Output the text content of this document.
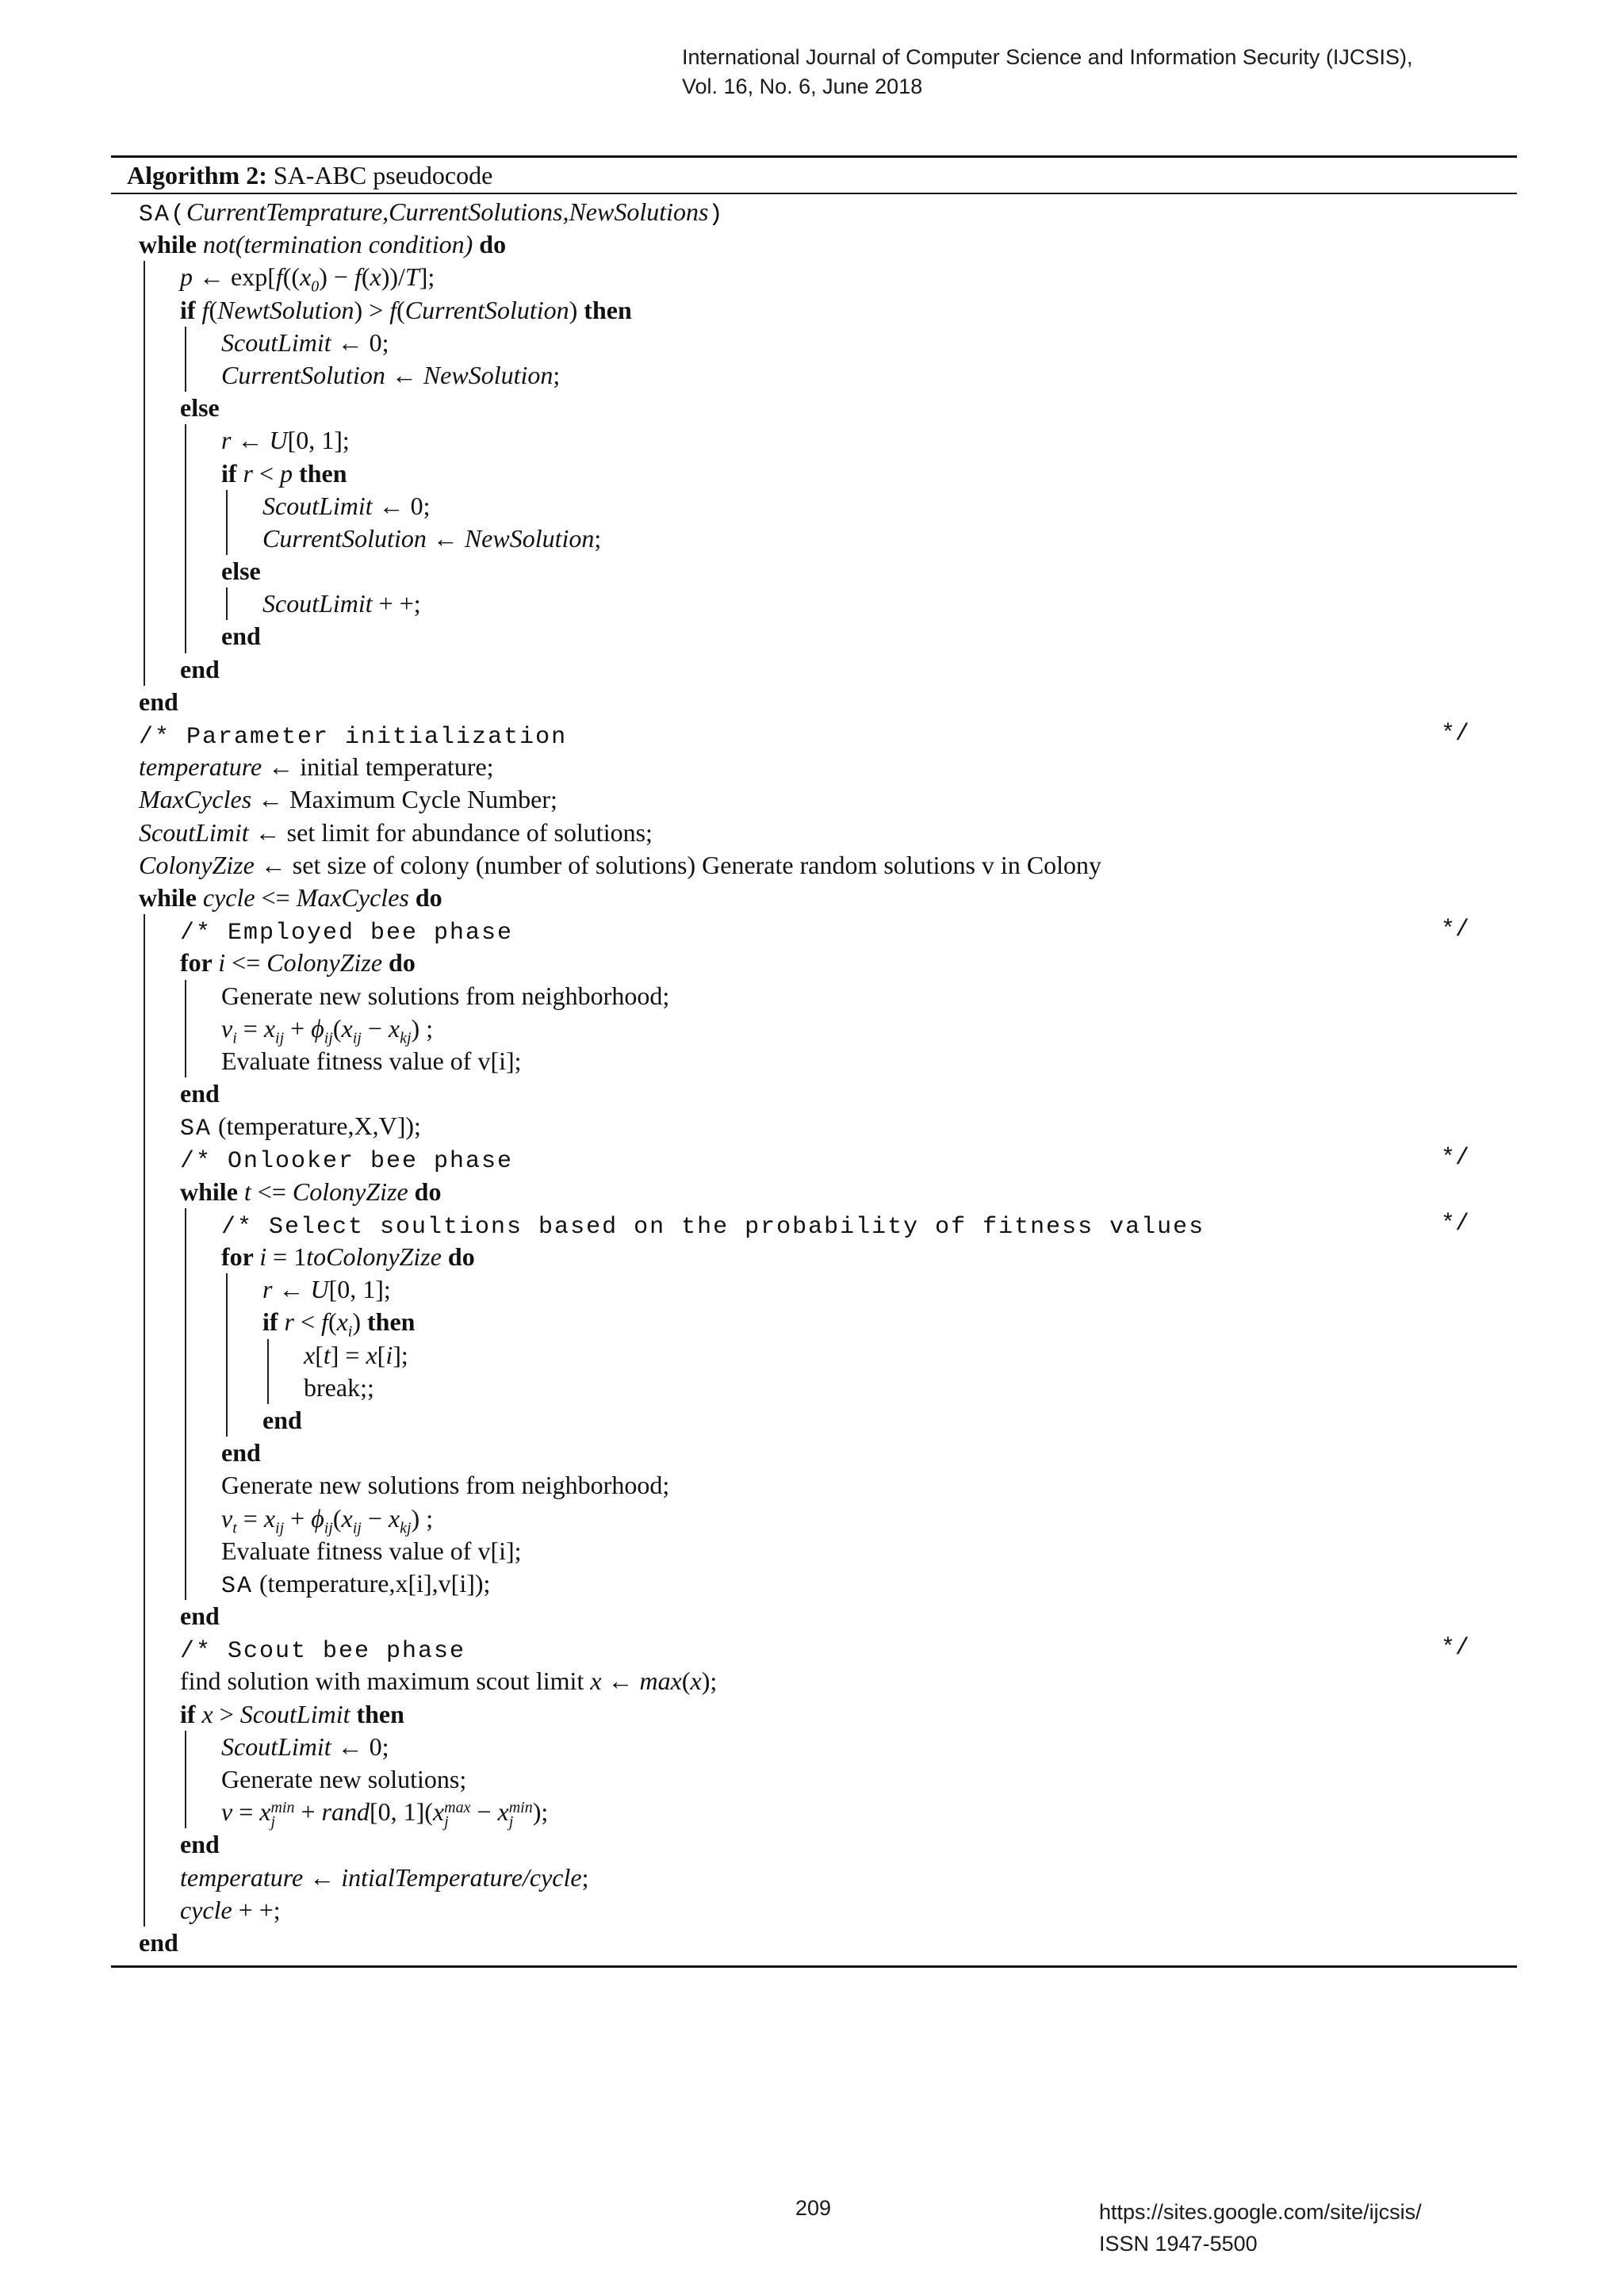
International Journal of Computer Science and Information Security (IJCSIS),
Vol. 16, No. 6, June 2018
Algorithm 2: SA-ABC pseudocode
SA(CurrentTemprature,CurrentSolutions,NewSolutions)
while not(termination condition) do
p ← $\exp[f((x_0) - f(x))/T]$;
if f(NewtSolution) > f(CurrentSolution) then
ScoutLimit ← 0;
CurrentSolution ← NewSolution;
else
r ← U[0, 1];
if r < p then
ScoutLimit ← 0;
CurrentSolution ← NewSolution;
else
ScoutLimit + +;
end
end
end
/* Parameter initialization	*/
temperature ← initial temperature;
MaxCycles ← Maximum Cycle Number;
ScoutLimit ← set limit for abundance of solutions;
ColonyZize ← set size of colony (number of solutions) Generate random solutions v in Colony
while cycle <= MaxCycles do
/* Employed bee phase	*/
for i <= ColonyZize do
Generate new solutions from neighborhood;
$v_i = x_{ij} + \phi_{ij}(x_{ij} - x_{kj})$ ;
Evaluate fitness value of v[i];
end
SA (temperature,X,V]);
/* Onlooker bee phase	*/
while t <= ColonyZize do
/* Select soultions based on the probability of fitness values	*/
for i = 1toColonyZize do
r ← U[0, 1];
if $r < f(x_i)$ then
x[t] = x[i];
break;;
end
end
Generate new solutions from neighborhood;
$v_t = x_{ij} + \phi_{ij}(x_{ij} - x_{kj})$ ;
Evaluate fitness value of v[i];
SA (temperature,x[i],v[i]);
end
/* Scout bee phase	*/
find solution with maximum scout limit x ← max(x);
if x > ScoutLimit then
ScoutLimit ← 0;
Generate new solutions;
v = x min
j + rand[0, 1](x max
j − x min
j );
end
temperature ← intialTemperature/cycle;
cycle + +;
end
209	https://sites.google.com/site/ijcsis/
ISSN 1947-5500
